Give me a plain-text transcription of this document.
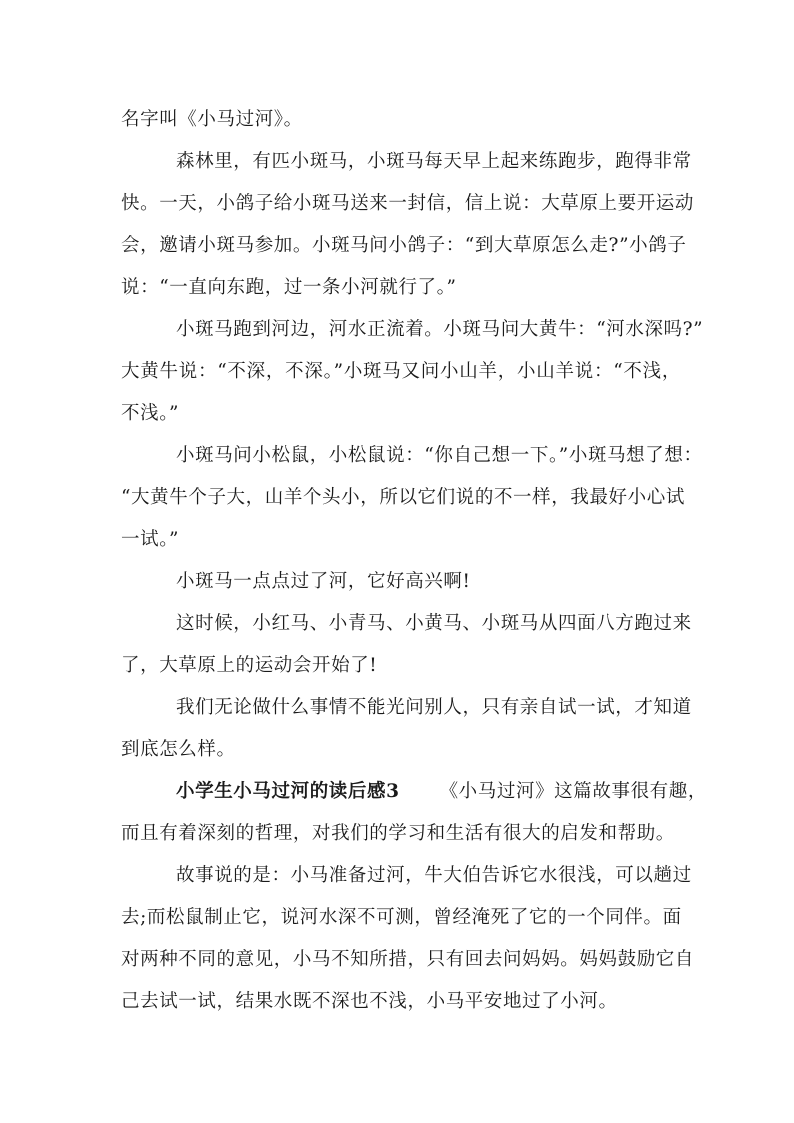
名字叫《小马过河》。
森林里，有匹小斑马，小斑马每天早上起来练跑步，跑得非常
快。一天，小鸽子给小斑马送来一封信，信上说：大草原上要开运动
会，邀请小斑马参加。小斑马问小鸽子：“到大草原怎么走?”小鸽子
说：“一直向东跑，过一条小河就行了。”
小斑马跑到河边，河水正流着。小斑马问大黄牛：“河水深吗?”
大黄牛说：“不深，不深。”小斑马又问小山羊，小山羊说：“不浅，
不浅。”
小斑马问小松鼠，小松鼠说：“你自己想一下。”小斑马想了想：
“大黄牛个子大，山羊个头小，所以它们说的不一样，我最好小心试
一试。”
小斑马一点点过了河，它好高兴啊!
这时候，小红马、小青马、小黄马、小斑马从四面八方跑过来
了，大草原上的运动会开始了!
我们无论做什么事情不能光问别人，只有亲自试一试，才知道
到底怎么样。
小学生小马过河的读后感3 《小马过河》这篇故事很有趣，
而且有着深刻的哲理，对我们的学习和生活有很大的启发和帮助。
故事说的是：小马准备过河，牛大伯告诉它水很浅，可以趟过
去;而松鼠制止它，说河水深不可测，曾经淹死了它的一个同伴。面
对两种不同的意见，小马不知所措，只有回去问妈妈。妈妈鼓励它自
己去试一试，结果水既不深也不浅，小马平安地过了小河。
